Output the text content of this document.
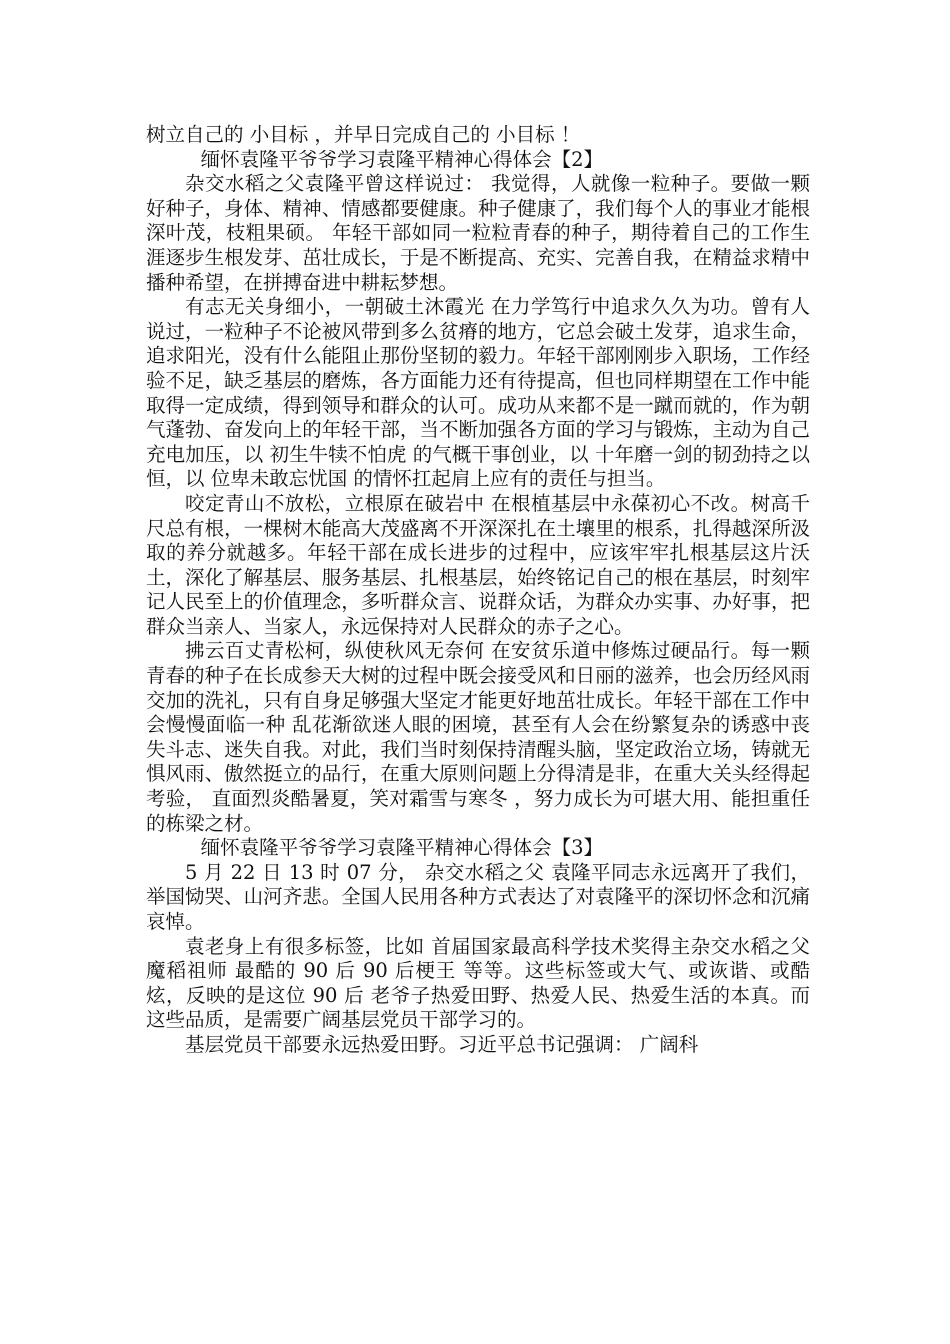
树立自己的 小目标 ，并早日完成自己的 小目标 ！

缅怀袁隆平爷爷学习袁隆平精神心得体会【2】

杂交水稻之父袁隆平曾这样说过： 我觉得，人就像一粒种子。要做一颗好种子，身体、精神、情感都要健康。种子健康了，我们每个人的事业才能根深叶茂，枝粗果硕。 年轻干部如同一粒粒青春的种子，期待着自己的工作生涯逐步生根发芽、茁壮成长，于是不断提高、充实、完善自我，在精益求精中播种希望，在拼搏奋进中耕耘梦想。

有志无关身细小，一朝破土沐霞光 在力学笃行中追求久久为功。曾有人说过，一粒种子不论被风带到多么贫瘠的地方，它总会破土发芽，追求生命，追求阳光，没有什么能阻止那份坚韧的毅力。年轻干部刚刚步入职场，工作经验不足，缺乏基层的磨炼，各方面能力还有待提高，但也同样期望在工作中能取得一定成绩，得到领导和群众的认可。成功从来都不是一蹴而就的，作为朝气蓬勃、奋发向上的年轻干部，当不断加强各方面的学习与锻炼，主动为自己充电加压，以 初生牛犊不怕虎 的气概干事创业，以 十年磨一剑的韧劲持之以恒，以 位卑未敢忘忧国 的情怀扛起肩上应有的责任与担当。

咬定青山不放松，立根原在破岩中 在根植基层中永葆初心不改。树高千尺总有根，一棵树木能高大茂盛离不开深深扎在土壤里的根系，扎得越深所汲取的养分就越多。年轻干部在成长进步的过程中，应该牢牢扎根基层这片沃土，深化了解基层、服务基层、扎根基层，始终铭记自己的根在基层，时刻牢记人民至上的价值理念，多听群众言、说群众话，为群众办实事、办好事，把群众当亲人、当家人，永远保持对人民群众的赤子之心。

拂云百丈青松柯，纵使秋风无奈何 在安贫乐道中修炼过硬品行。每一颗青春的种子在长成参天大树的过程中既会接受风和日丽的滋养，也会历经风雨交加的洗礼，只有自身足够强大坚定才能更好地茁壮成长。年轻干部在工作中会慢慢面临一种 乱花渐欲迷人眼的困境，甚至有人会在纷繁复杂的诱惑中丧失斗志、迷失自我。对此，我们当时刻保持清醒头脑，坚定政治立场，铸就无惧风雨、傲然挺立的品行，在重大原则问题上分得清是非，在重大关头经得起考验， 直面烈炎酷暑夏，笑对霜雪与寒冬 ，努力成长为可堪大用、能担重任的栋梁之材。

缅怀袁隆平爷爷学习袁隆平精神心得体会【3】

5 月 22 日 13 时 07 分， 杂交水稻之父 袁隆平同志永远离开了我们，举国恸哭、山河齐悲。全国人民用各种方式表达了对袁隆平的深切怀念和沉痛哀悼。

袁老身上有很多标签，比如 首届国家最高科学技术奖得主杂交水稻之父 魔稻祖师 最酷的 90 后 90 后梗王 等等。这些标签或大气、或诙谐、或酷炫，反映的是这位 90 后 老爷子热爱田野、热爱人民、热爱生活的本真。而这些品质，是需要广阔基层党员干部学习的。

基层党员干部要永远热爱田野。习近平总书记强调： 广阔科
